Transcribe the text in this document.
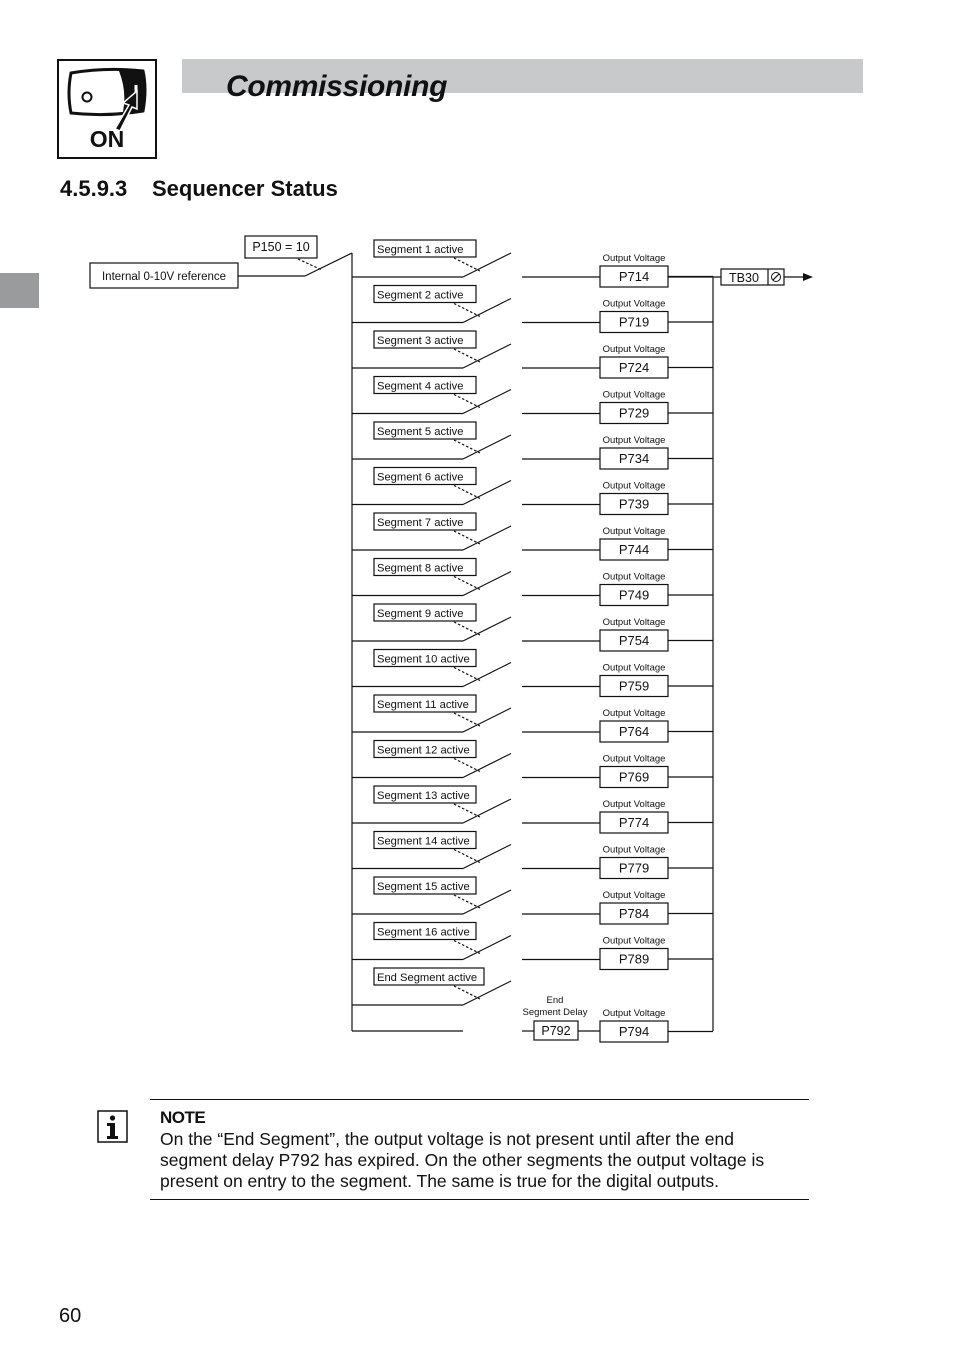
ON
Commissioning
4.5.9.3 Sequencer Status
Internal 0-10V reference
P150 = 10	Segment 1 active
Output Voltage
P714
Segment 2 active
Output Voltage
P719
Segment 3 active
Output Voltage
P724
Segment 4 active
Output Voltage
P729
Segment 5 active
Output Voltage
P734
Segment 6 active
Output Voltage
P739
Segment 7 active
Output Voltage
P744
Segment 8 active
Output Voltage
P749
Segment 9 active
Output Voltage
P754
Segment 10 active
Output Voltage
P759
Segment 11 active
Output Voltage
P764
Segment 12 active
Output Voltage
P769
Segment 13 active
Output Voltage
P774
Segment 14 active
Output Voltage
P779
Segment 15 active
Output Voltage
P784
Segment 16 active
Output Voltage
P789
End Segment active
End
Segment Delay
P792
Output Voltage
P794
TB30
NOTE
On the “End Segment”, the output voltage is not present until after the end segment delay P792 has expired. On the other segments the output voltage is present on entry to the segment. The same is true for the digital outputs.
60
